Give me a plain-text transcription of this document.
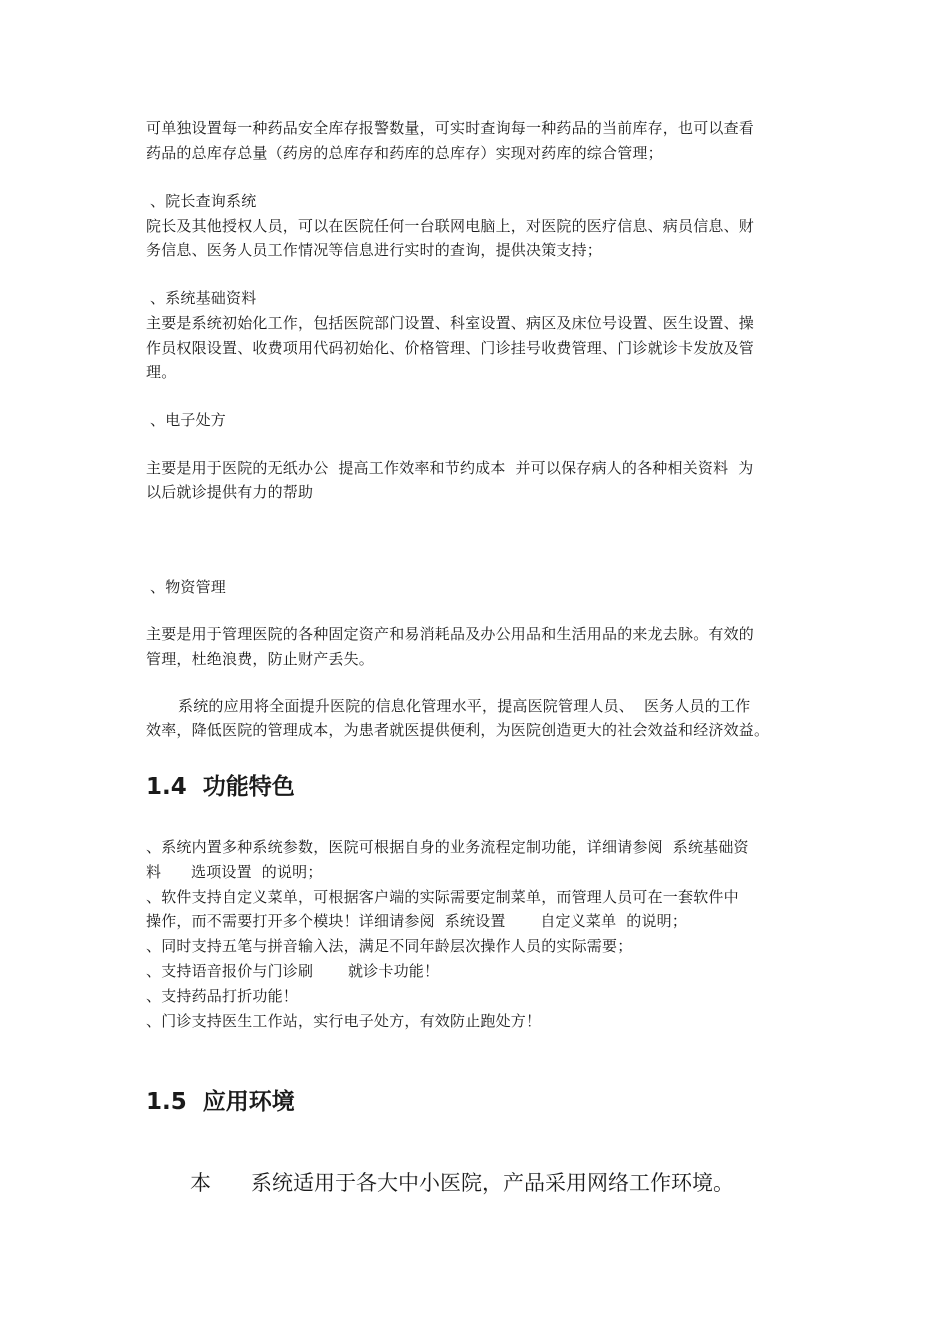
可单独设置每一种药品安全库存报警数量，可实时查询每一种药品的当前库存，也可以查看
药品的总库存总量（药房的总库存和药库的总库存）实现对药库的综合管理；
、院长查询系统
院长及其他授权人员，可以在医院任何一台联网电脑上，对医院的医疗信息、病员信息、财
务信息、医务人员工作情况等信息进行实时的查询，提供决策支持；
、系统基础资料
主要是系统初始化工作，包括医院部门设置、科室设置、病区及床位号设置、医生设置、操
作员权限设置、收费项用代码初始化、价格管理、门诊挂号收费管理、门诊就诊卡发放及管
理。
、电子处方
主要是用于医院的无纸办公  提高工作效率和节约成本  并可以保存病人的各种相关资料  为
以后就诊提供有力的帮助
、物资管理
主要是用于管理医院的各种固定资产和易消耗品及办公用品和生活用品的来龙去脉。有效的
管理，杜绝浪费，防止财产丢失。
系统的应用将全面提升医院的信息化管理水平，提高医院管理人员、  医务人员的工作
效率，降低医院的管理成本，为患者就医提供便利，为医院创造更大的社会效益和经济效益。
1.4  功能特色
、系统内置多种系统参数，医院可根据自身的业务流程定制功能，详细请参阅  系统基础资
料      选项设置  的说明；
、软件支持自定义菜单，可根据客户端的实际需要定制菜单，而管理人员可在一套软件中
操作，而不需要打开多个模块！详细请参阅  系统设置       自定义菜单  的说明；
、同时支持五笔与拼音输入法，满足不同年龄层次操作人员的实际需要；
、支持语音报价与门诊刷       就诊卡功能！
、支持药品打折功能！
、门诊支持医生工作站，实行电子处方，有效防止跑处方！
1.5  应用环境
本      系统适用于各大中小医院，产品采用网络工作环境。
